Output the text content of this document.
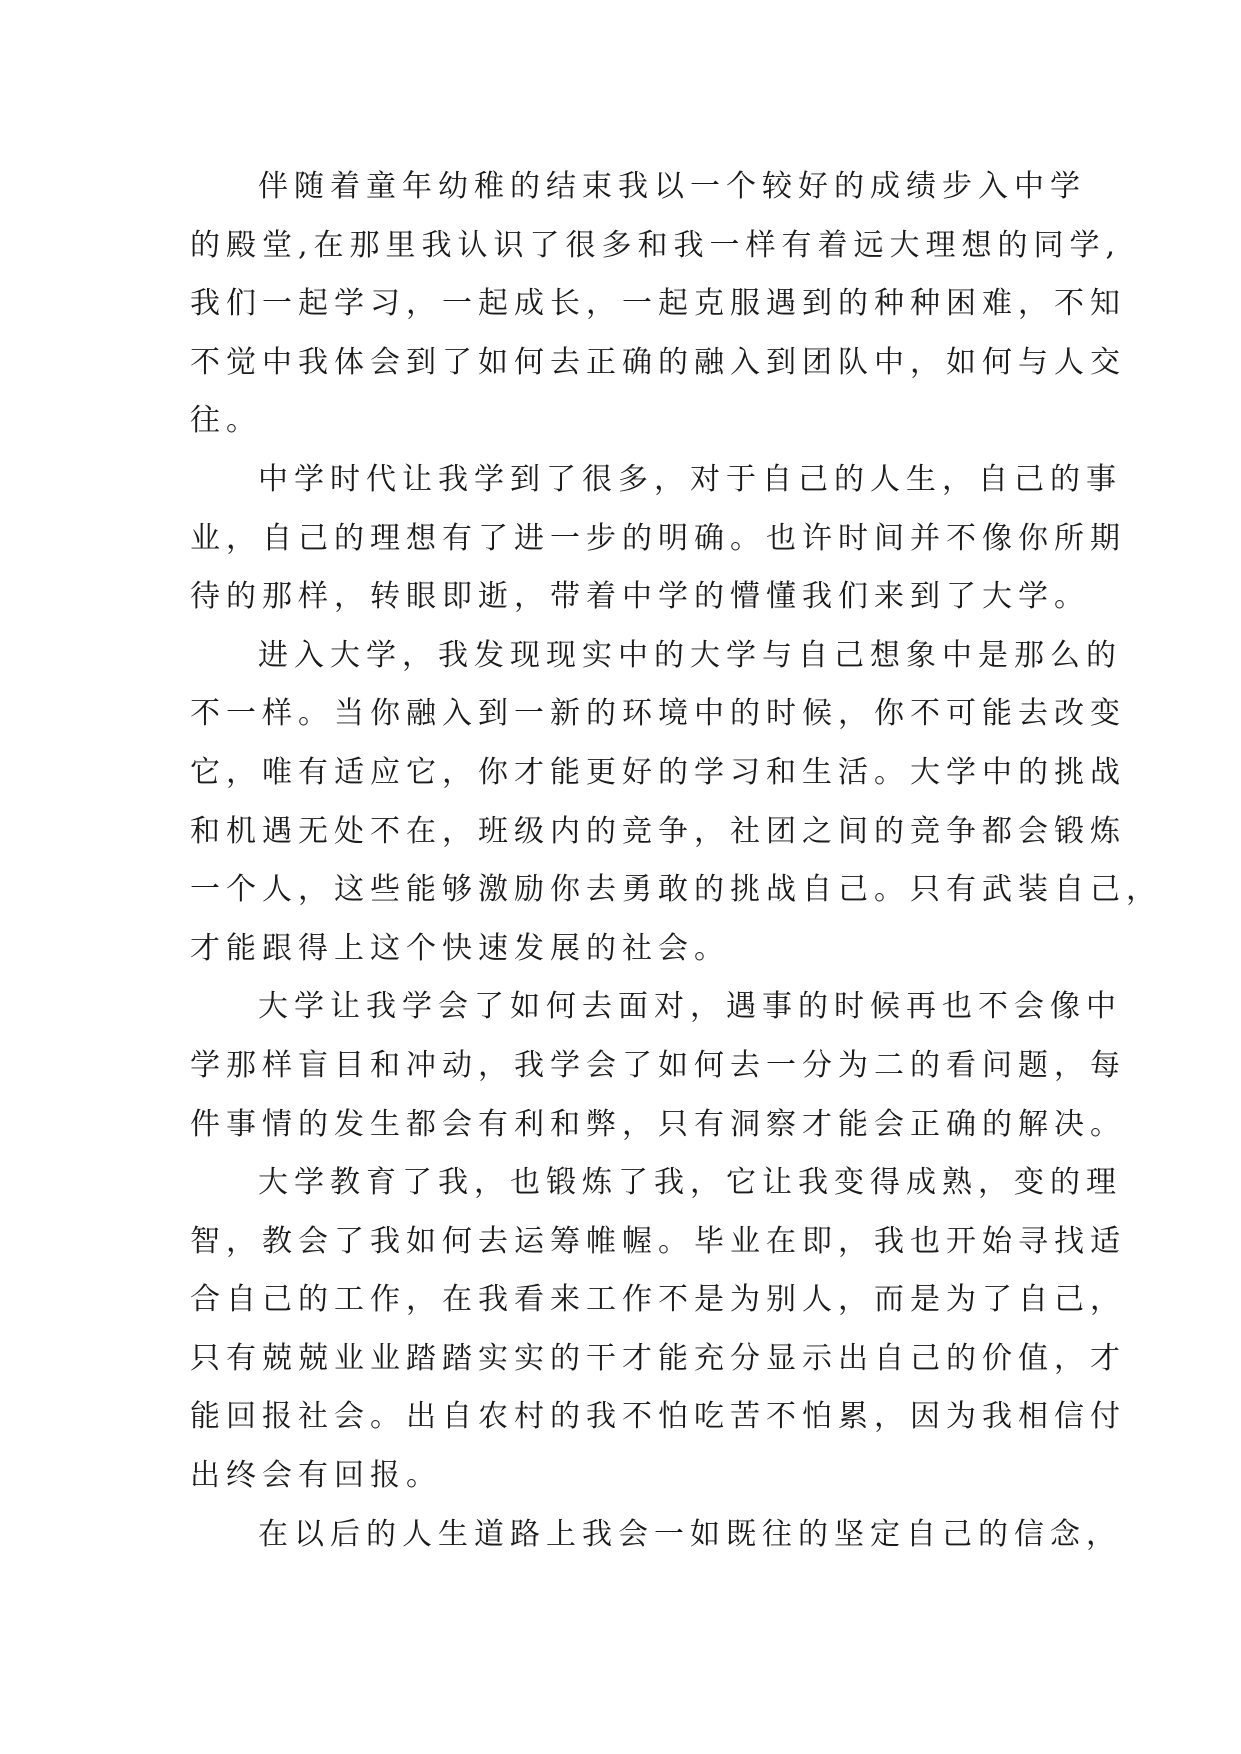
伴随着童年幼稚的结束我以一个较好的成绩步入中学
的殿堂,在那里我认识了很多和我一样有着远大理想的同学,
我们一起学习，一起成长，一起克服遇到的种种困难，不知
不觉中我体会到了如何去正确的融入到团队中，如何与人交
往。
中学时代让我学到了很多，对于自己的人生，自己的事
业，自己的理想有了进一步的明确。也许时间并不像你所期
待的那样，转眼即逝，带着中学的懵懂我们来到了大学。
进入大学，我发现现实中的大学与自己想象中是那么的
不一样。当你融入到一新的环境中的时候，你不可能去改变
它，唯有适应它，你才能更好的学习和生活。大学中的挑战
和机遇无处不在，班级内的竞争，社团之间的竞争都会锻炼
一个人，这些能够激励你去勇敢的挑战自己。只有武装自己，
才能跟得上这个快速发展的社会。
大学让我学会了如何去面对，遇事的时候再也不会像中
学那样盲目和冲动，我学会了如何去一分为二的看问题，每
件事情的发生都会有利和弊，只有洞察才能会正确的解决。
大学教育了我，也锻炼了我，它让我变得成熟，变的理
智，教会了我如何去运筹帷幄。毕业在即，我也开始寻找适
合自己的工作，在我看来工作不是为别人，而是为了自己，
只有兢兢业业踏踏实实的干才能充分显示出自己的价值，才
能回报社会。出自农村的我不怕吃苦不怕累，因为我相信付
出终会有回报。
在以后的人生道路上我会一如既往的坚定自己的信念，
